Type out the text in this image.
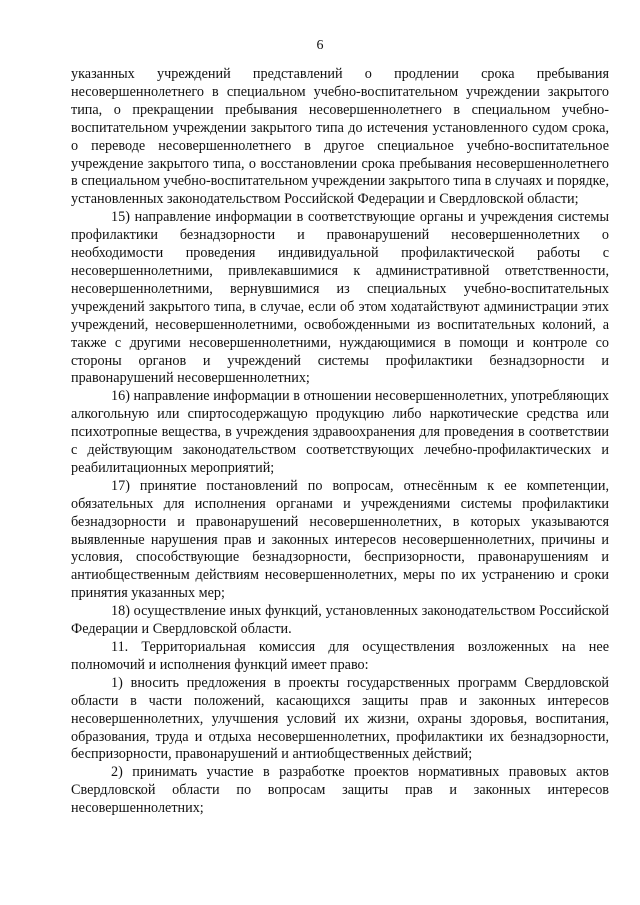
6

указанных учреждений представлений о продлении срока пребывания несовершеннолетнего в специальном учебно-воспитательном учреждении закрытого типа, о прекращении пребывания несовершеннолетнего в специальном учебно-воспитательном учреждении закрытого типа до истечения установленного судом срока, о переводе несовершеннолетнего в другое специальное учебно-воспитательное учреждение закрытого типа, о восстановлении срока пребывания несовершеннолетнего в специальном учебно-воспитательном учреждении закрытого типа в случаях и порядке, установленных законодательством Российской Федерации и Свердловской области;

15) направление информации в соответствующие органы и учреждения системы профилактики безнадзорности и правонарушений несовершеннолетних о необходимости проведения индивидуальной профилактической работы с несовершеннолетними, привлекавшимися к административной ответственности, несовершеннолетними, вернувшимися из специальных учебно-воспитательных учреждений закрытого типа, в случае, если об этом ходатайствуют администрации этих учреждений, несовершеннолетними, освобожденными из воспитательных колоний, а также с другими несовершеннолетними, нуждающимися в помощи и контроле со стороны органов и учреждений системы профилактики безнадзорности и правонарушений несовершеннолетних;

16) направление информации в отношении несовершеннолетних, употребляющих алкогольную или спиртосодержащую продукцию либо наркотические средства или психотропные вещества, в учреждения здравоохранения для проведения в соответствии с действующим законодательством соответствующих лечебно-профилактических и реабилитационных мероприятий;

17) принятие постановлений по вопросам, отнесённым к ее компетенции, обязательных для исполнения органами и учреждениями системы профилактики безнадзорности и правонарушений несовершеннолетних, в которых указываются выявленные нарушения прав и законных интересов несовершеннолетних, причины и условия, способствующие безнадзорности, беспризорности, правонарушениям и антиобщественным действиям несовершеннолетних, меры по их устранению и сроки принятия указанных мер;

18) осуществление иных функций, установленных законодательством Российской Федерации и Свердловской области.

11. Территориальная комиссия для осуществления возложенных на нее полномочий и исполнения функций имеет право:

1) вносить предложения в проекты государственных программ Свердловской области в части положений, касающихся защиты прав и законных интересов несовершеннолетних, улучшения условий их жизни, охраны здоровья, воспитания, образования, труда и отдыха несовершеннолетних, профилактики их безнадзорности, беспризорности, правонарушений и антиобщественных действий;

2) принимать участие в разработке проектов нормативных правовых актов Свердловской области по вопросам защиты прав и законных интересов несовершеннолетних;
